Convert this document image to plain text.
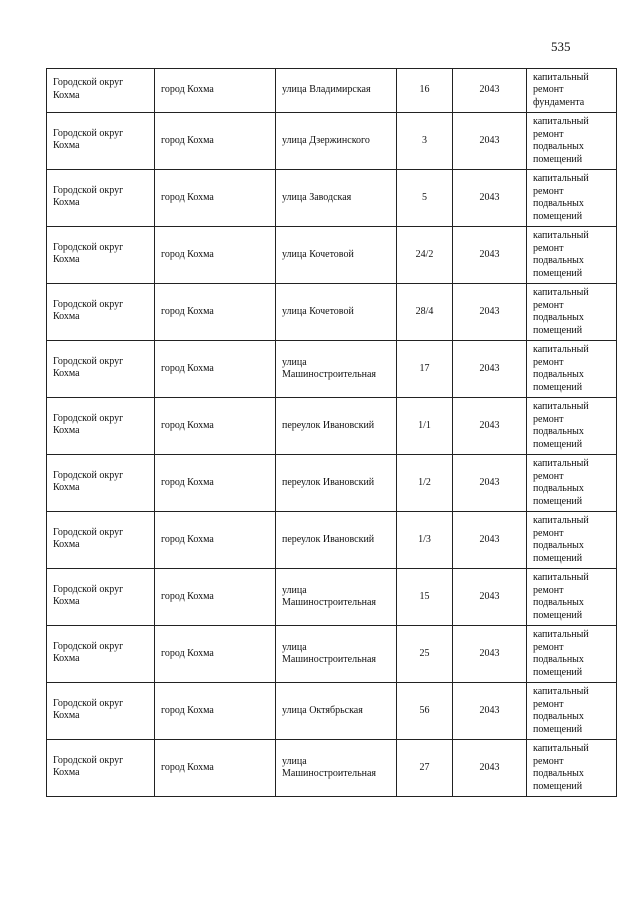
535
Городской округ Кохма	город Кохма	улица Владимирская	16	2043	капитальный ремонт фундамента

Городской округ Кохма	город Кохма	улица Дзержинского	3	2043	капитальный ремонт подвальных помещений

Городской округ Кохма	город Кохма	улица Заводская	5	2043	капитальный ремонт подвальных помещений

Городской округ Кохма	город Кохма	улица Кочетовой	24/2	2043	капитальный ремонт подвальных помещений

Городской округ Кохма	город Кохма	улица Кочетовой	28/4	2043	капитальный ремонт подвальных помещений

Городской округ Кохма	город Кохма	улица Машиностроительная	17	2043	капитальный ремонт подвальных помещений

Городской округ Кохма	город Кохма	переулок Ивановский	1/1	2043	капитальный ремонт подвальных помещений

Городской округ Кохма	город Кохма	переулок Ивановский	1/2	2043	капитальный ремонт подвальных помещений

Городской округ Кохма	город Кохма	переулок Ивановский	1/3	2043	капитальный ремонт подвальных помещений

Городской округ Кохма	город Кохма	улица Машиностроительная	15	2043	капитальный ремонт подвальных помещений

Городской округ Кохма	город Кохма	улица Машиностроительная	25	2043	капитальный ремонт подвальных помещений

Городской округ Кохма	город Кохма	улица Октябрьская	56	2043	капитальный ремонт подвальных помещений

Городской округ Кохма	город Кохма	улица Машиностроительная	27	2043	капитальный ремонт подвальных помещений
